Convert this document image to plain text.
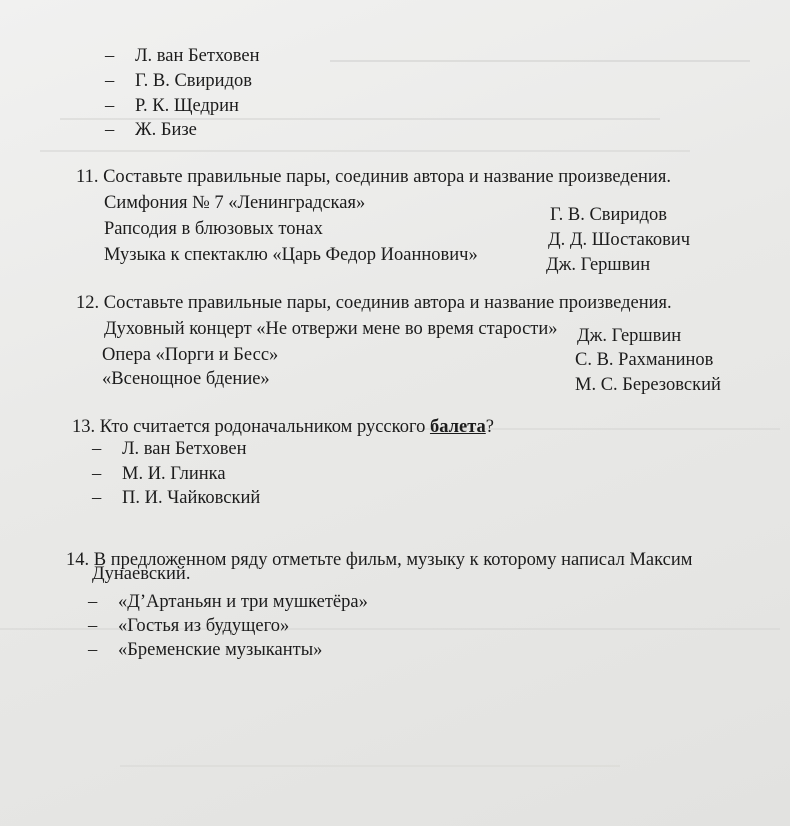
– Л. ван Бетховен
– Г. В. Свиридов
– Р. К. Щедрин
– Ж. Бизе
11. Составьте правильные пары, соединив автора и название произведения.
Симфония № 7 «Ленинградская»
Рапсодия в блюзовых тонах
Музыка к спектаклю «Царь Федор Иоаннович»
Г. В. Свиридов
Д. Д. Шостакович
Дж. Гершвин
12. Составьте правильные пары, соединив автора и название произведения.
Духовный концерт «Не отвержи мене во время старости»
Опера «Порги и Бесс»
«Всенощное бдение»
Дж. Гершвин
С. В. Рахманинов
М. С. Березовский
13. Кто считается родоначальником русского балета?
– Л. ван Бетховен
– М. И. Глинка
– П. И. Чайковский
14. В предложенном ряду отметьте фильм, музыку к которому написал Максим
Дунаевский.
– «Д’Артаньян и три мушкетёра»
– «Гостья из будущего»
– «Бременские музыканты»
